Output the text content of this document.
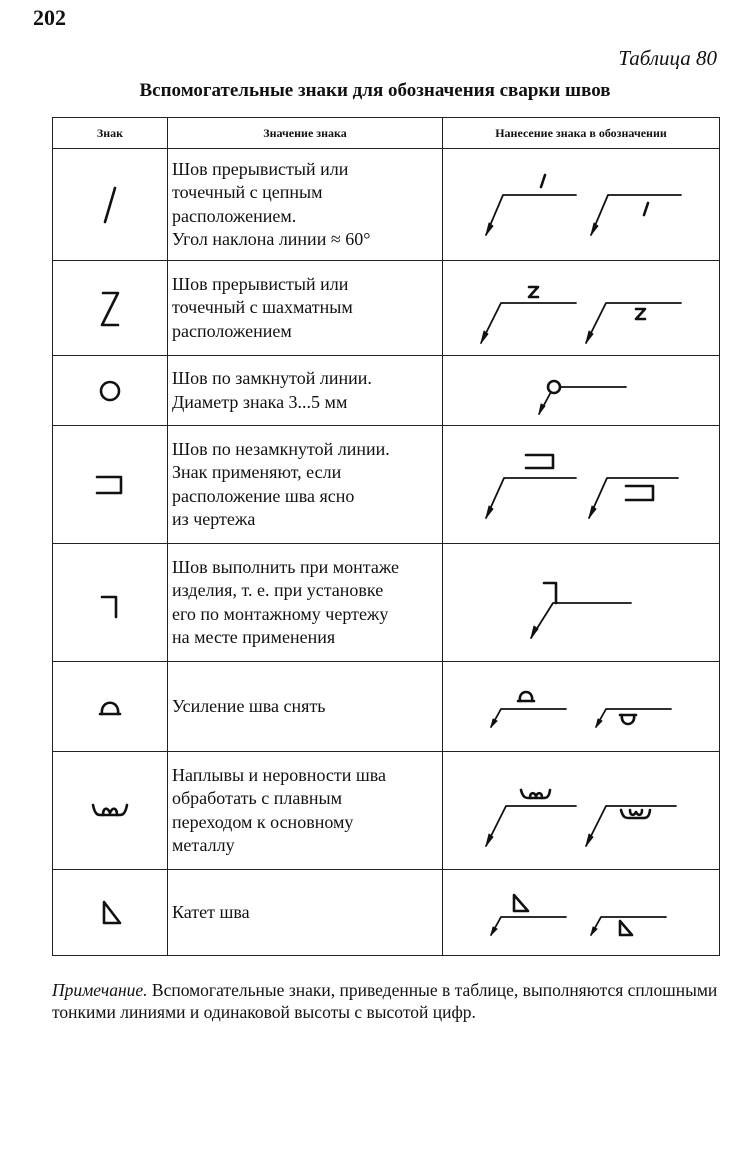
202
Таблица 80
Вспомогательные знаки для обозначения сварки швов
Знак	Значение знака	Нанесение знака в обозначении

Шов прерывистый или
точечный с цепным
расположением.
Угол наклона линии ≈ 60°

Шов прерывистый или
точечный с шахматным
расположением

Шов по замкнутой линии.
Диаметр знака 3...5 мм

Шов по незамкнутой линии.
Знак применяют, если
расположение шва ясно
из чертежа

Шов выполнить при монтаже
изделия, т. е. при установке
его по монтажному чертежу
на месте применения

Усиление шва снять

Наплывы и неровности шва
обработать с плавным
переходом к основному
металлу

Катет шва

Примечание. Вспомогательные знаки, приведенные в таблице, выполняются сплошными тонкими линиями и одинаковой высоты с высотой цифр.
